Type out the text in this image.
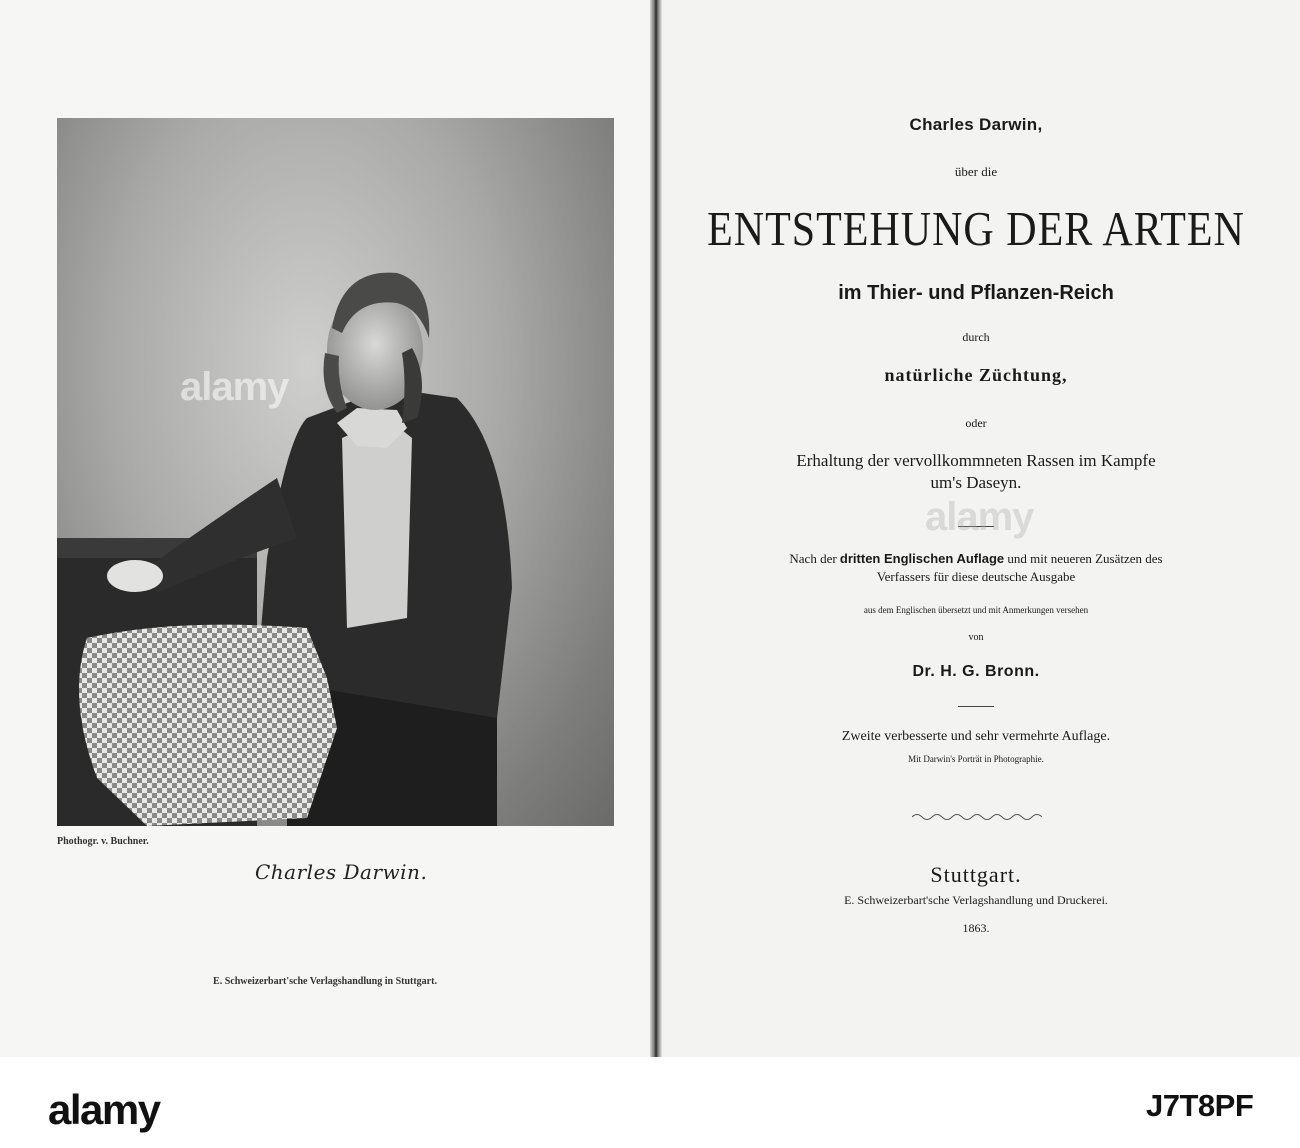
Phothogr. v. Buchner.
Charles Darwin.
E. Schweizerbart'sche Verlagshandlung in Stuttgart.
Charles Darwin,
über die
ENTSTEHUNG DER ARTEN
im Thier- und Pflanzen-Reich
durch
natürliche Züchtung,
oder
Erhaltung der vervollkommneten Rassen im Kampfe
um's Daseyn.
Nach der dritten Englischen Auflage und mit neueren Zusätzen des
Verfassers für diese deutsche Ausgabe
aus dem Englischen übersetzt und mit Anmerkungen versehen
von
Dr. H. G. Bronn.
Zweite verbesserte und sehr vermehrte Auflage.
Mit Darwin's Porträt in Photographie.
Stuttgart.
E. Schweizerbart'sche Verlagshandlung und Druckerei.
1863.
alamy
alamy
alamy	J7T8PF
